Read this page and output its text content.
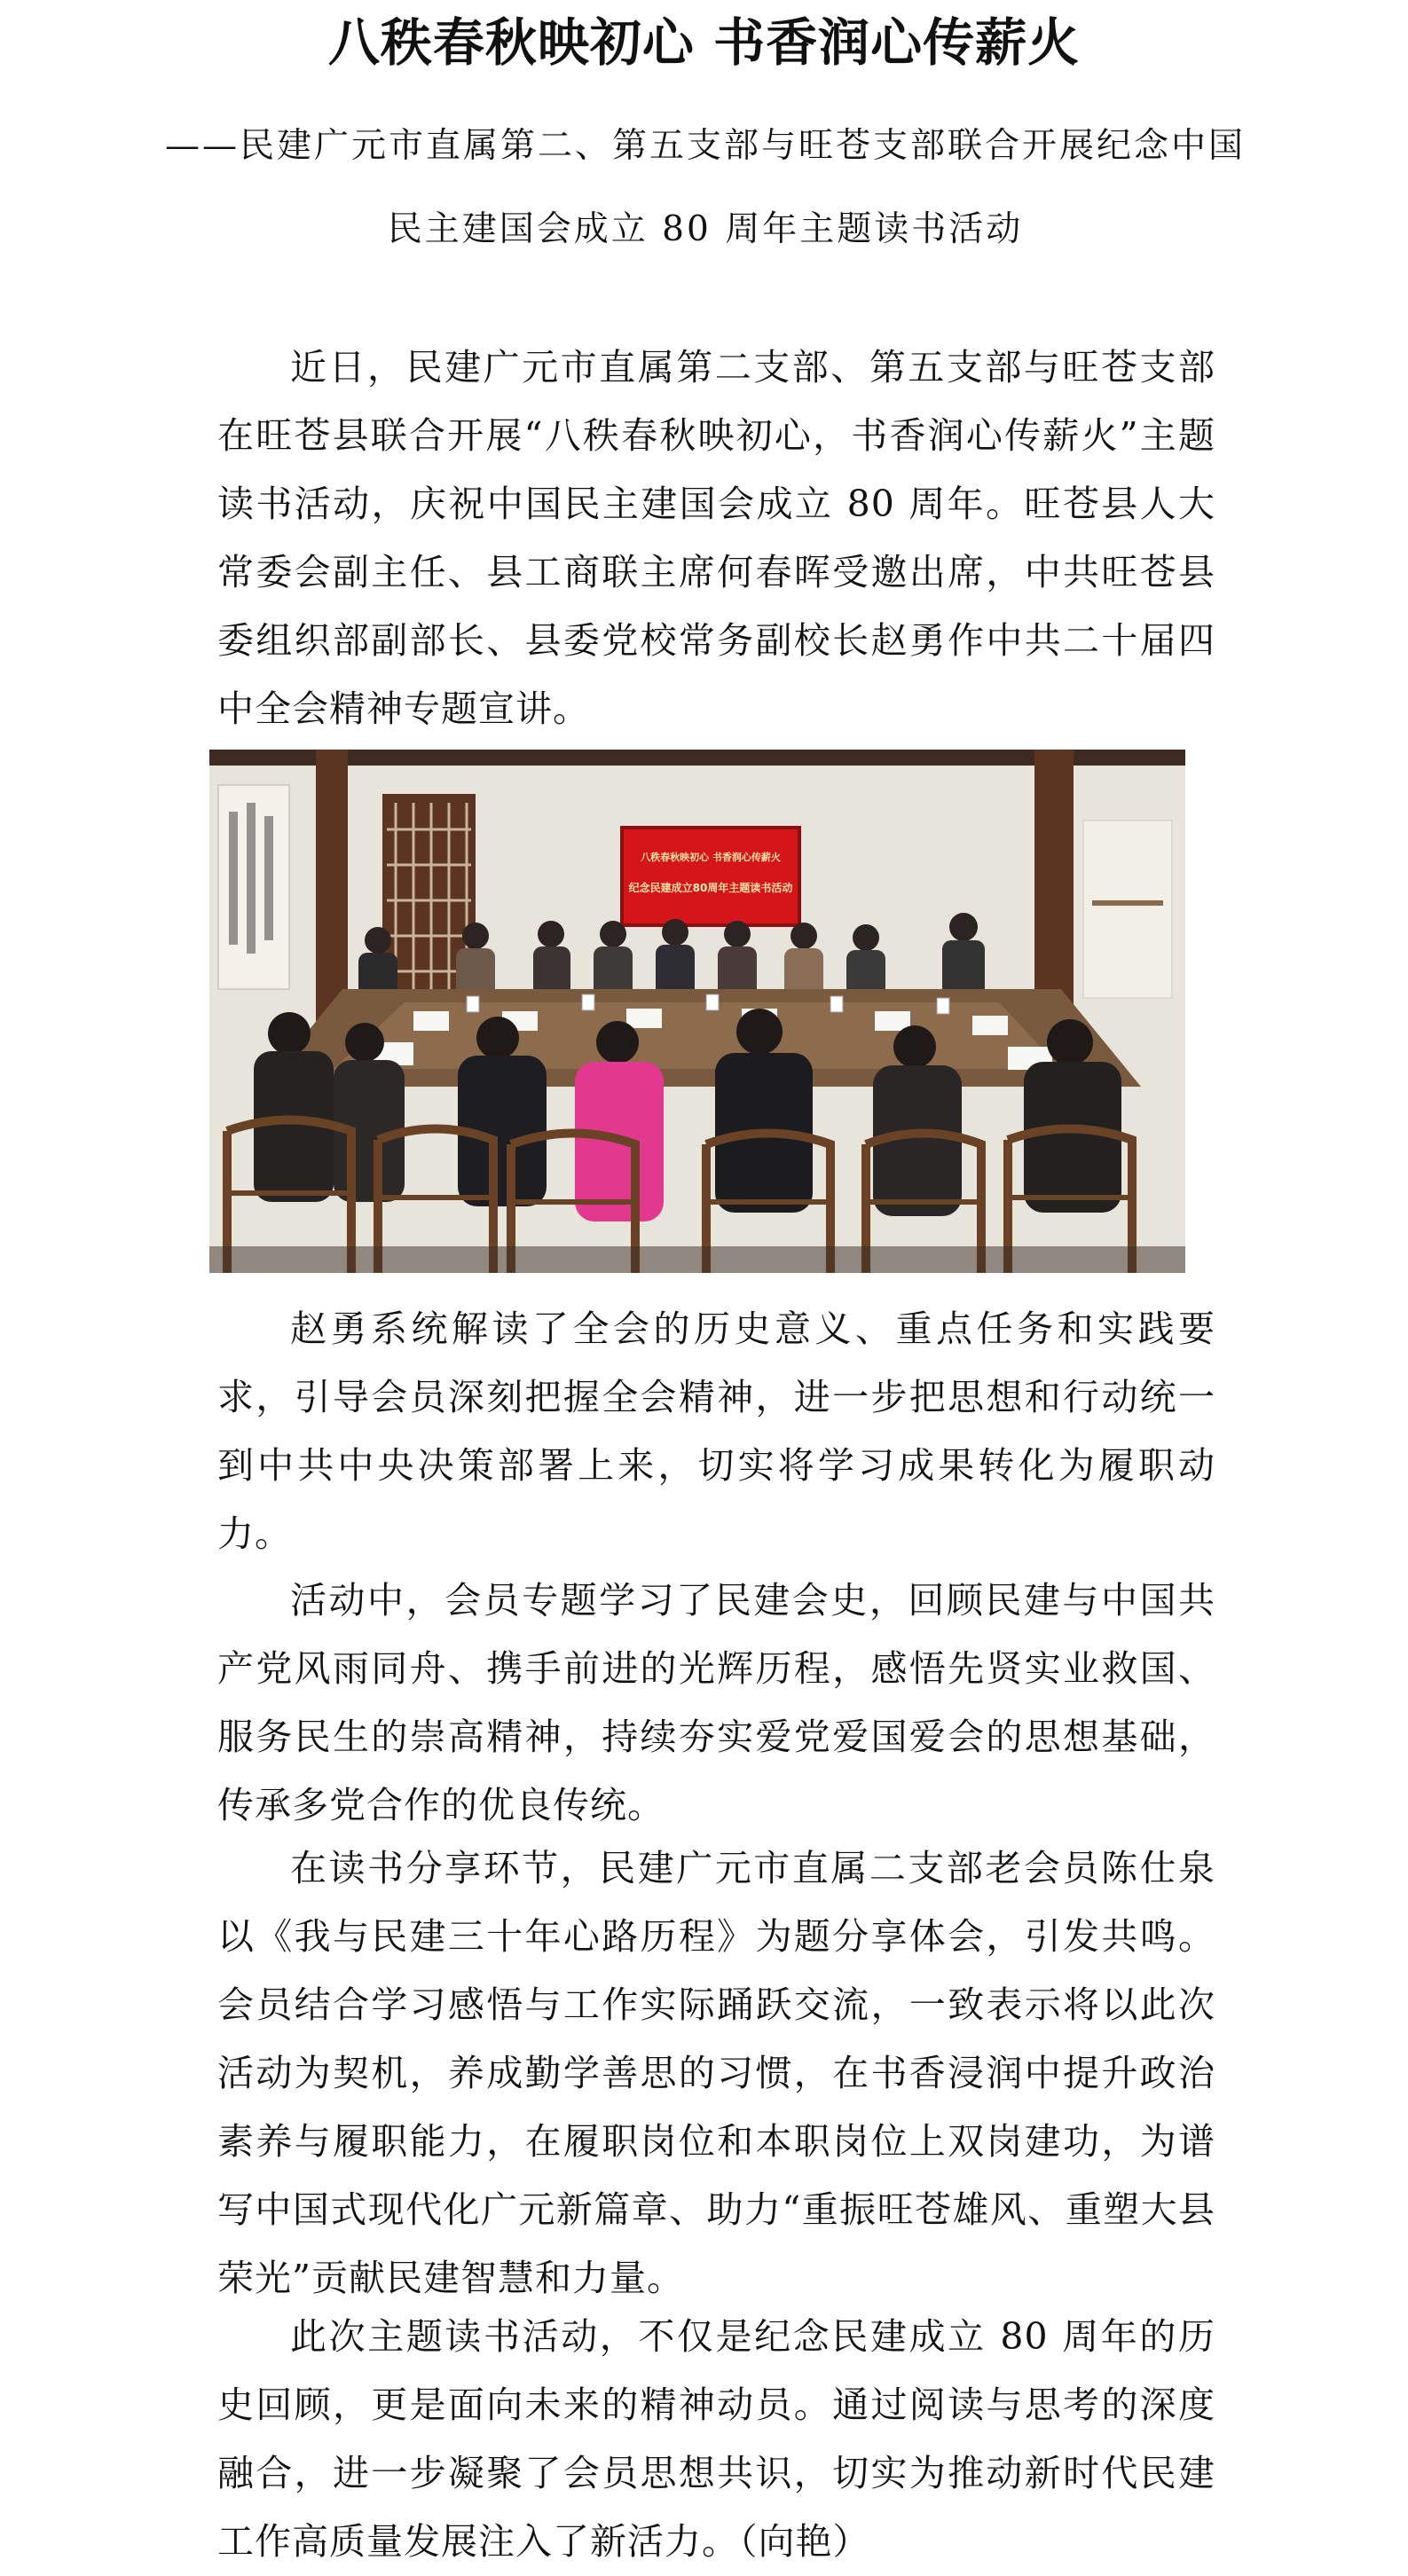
八秩春秋映初心 书香润心传薪火
——民建广元市直属第二、第五支部与旺苍支部联合开展纪念中国民主建国会成立 80 周年主题读书活动

近日，民建广元市直属第二支部、第五支部与旺苍支部在旺苍县联合开展“八秩春秋映初心，书香润心传薪火”主题读书活动，庆祝中国民主建国会成立 80 周年。旺苍县人大常委会副主任、县工商联主席何春晖受邀出席，中共旺苍县委组织部副部长、县委党校常务副校长赵勇作中共二十届四中全会精神专题宣讲。

八秩春秋映初心 书香润心传薪火
纪念民建成立80周年主题读书活动

赵勇系统解读了全会的历史意义、重点任务和实践要求，引导会员深刻把握全会精神，进一步把思想和行动统一到中共中央决策部署上来，切实将学习成果转化为履职动力。

活动中，会员专题学习了民建会史，回顾民建与中国共产党风雨同舟、携手前进的光辉历程，感悟先贤实业救国、服务民生的崇高精神，持续夯实爱党爱国爱会的思想基础，传承多党合作的优良传统。

在读书分享环节，民建广元市直属二支部老会员陈仕泉以《我与民建三十年心路历程》为题分享体会，引发共鸣。会员结合学习感悟与工作实际踊跃交流，一致表示将以此次活动为契机，养成勤学善思的习惯，在书香浸润中提升政治素养与履职能力，在履职岗位和本职岗位上双岗建功，为谱写中国式现代化广元新篇章、助力“重振旺苍雄风、重塑大县荣光”贡献民建智慧和力量。

此次主题读书活动，不仅是纪念民建成立 80 周年的历史回顾，更是面向未来的精神动员。通过阅读与思考的深度融合，进一步凝聚了会员思想共识，切实为推动新时代民建工作高质量发展注入了新活力。（向艳）
